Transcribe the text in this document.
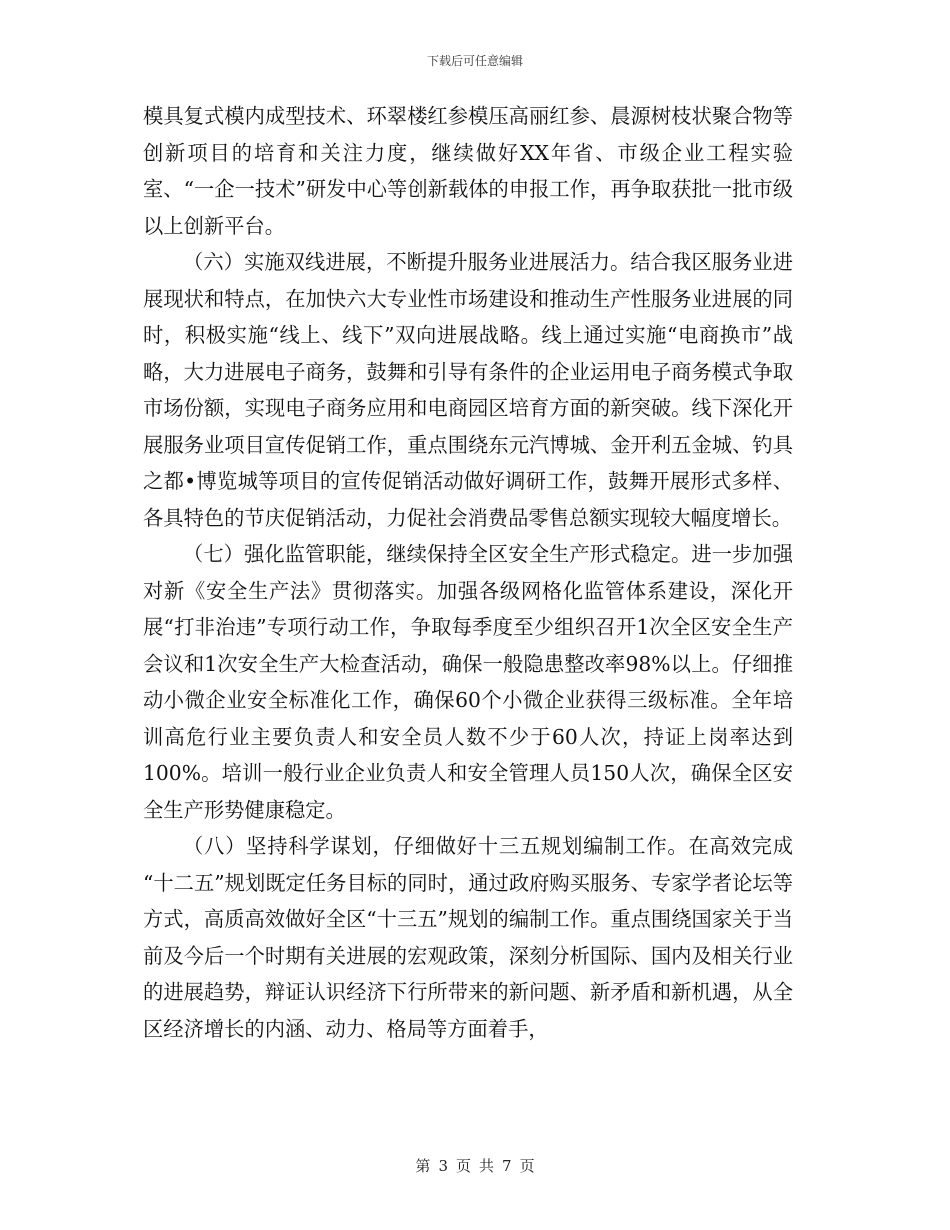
下载后可任意编辑

模具复式模内成型技术、环翠楼红参模压高丽红参、晨源树枝状聚合物等创新项目的培育和关注力度，继续做好XX年省、市级企业工程实验室、“一企一技术”研发中心等创新载体的申报工作，再争取获批一批市级以上创新平台。

（六）实施双线进展，不断提升服务业进展活力。结合我区服务业进展现状和特点，在加快六大专业性市场建设和推动生产性服务业进展的同时，积极实施“线上、线下”双向进展战略。线上通过实施“电商换市”战略，大力进展电子商务，鼓舞和引导有条件的企业运用电子商务模式争取市场份额，实现电子商务应用和电商园区培育方面的新突破。线下深化开展服务业项目宣传促销工作，重点围绕东元汽博城、金开利五金城、钓具之都•博览城等项目的宣传促销活动做好调研工作，鼓舞开展形式多样、各具特色的节庆促销活动，力促社会消费品零售总额实现较大幅度增长。

（七）强化监管职能，继续保持全区安全生产形式稳定。进一步加强对新《安全生产法》贯彻落实。加强各级网格化监管体系建设，深化开展“打非治违”专项行动工作，争取每季度至少组织召开1次全区安全生产会议和1次安全生产大检查活动，确保一般隐患整改率98%以上。仔细推动小微企业安全标准化工作，确保60个小微企业获得三级标准。全年培训高危行业主要负责人和安全员人数不少于60人次，持证上岗率达到100%。培训一般行业企业负责人和安全管理人员150人次，确保全区安全生产形势健康稳定。

（八）坚持科学谋划，仔细做好十三五规划编制工作。在高效完成 “十二五”规划既定任务目标的同时，通过政府购买服务、专家学者论坛等方式，高质高效做好全区“十三五”规划的编制工作。重点围绕国家关于当前及今后一个时期有关进展的宏观政策，深刻分析国际、国内及相关行业的进展趋势，辩证认识经济下行所带来的新问题、新矛盾和新机遇，从全区经济增长的内涵、动力、格局等方面着手，

第 3 页 共 7 页
